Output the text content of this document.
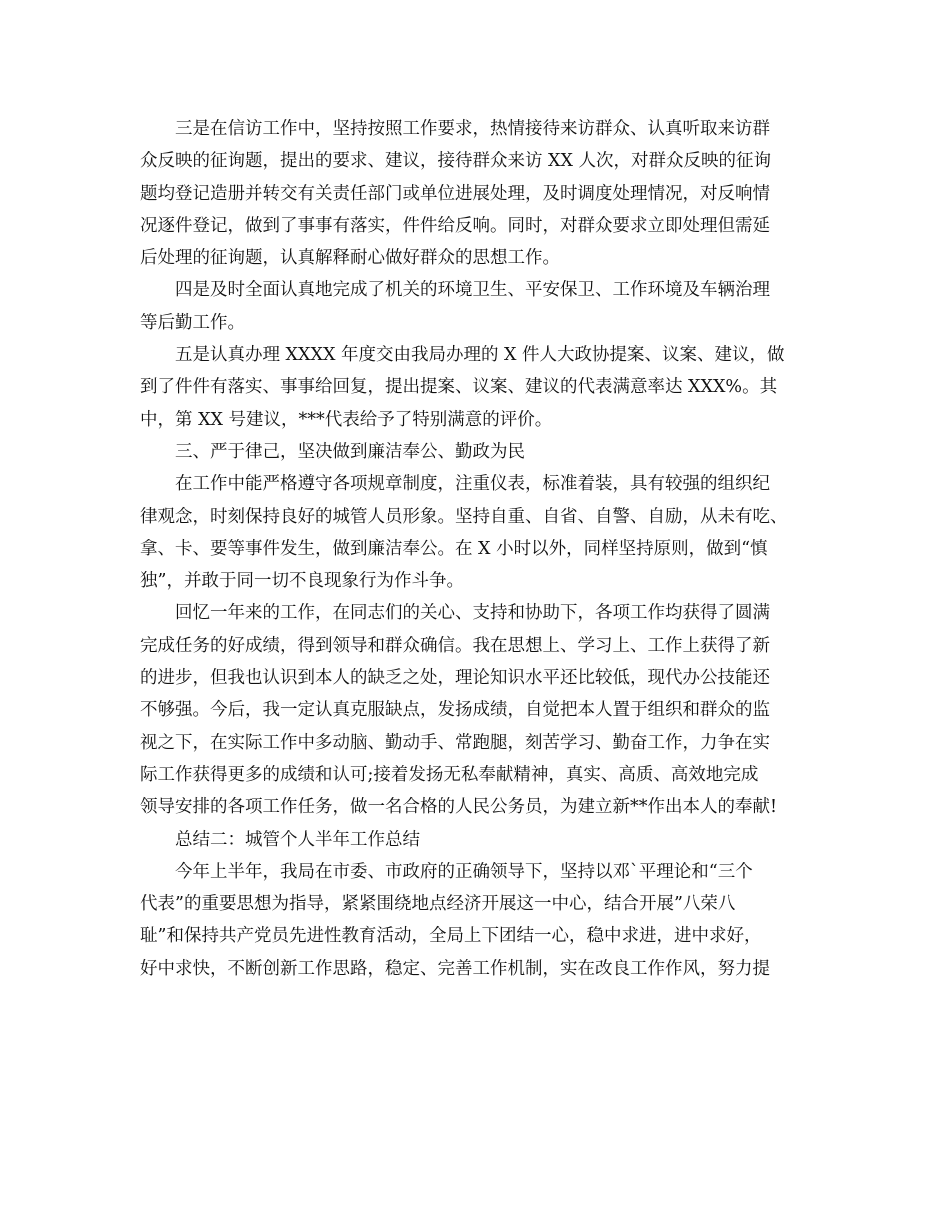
三是在信访工作中，坚持按照工作要求，热情接待来访群众、认真听取来访群
众反映的征询题，提出的要求、建议，接待群众来访 XX 人次，对群众反映的征询
题均登记造册并转交有关责任部门或单位进展处理，及时调度处理情况，对反响情
况逐件登记，做到了事事有落实，件件给反响。同时，对群众要求立即处理但需延
后处理的征询题，认真解释耐心做好群众的思想工作。
四是及时全面认真地完成了机关的环境卫生、平安保卫、工作环境及车辆治理
等后勤工作。
五是认真办理 XXXX 年度交由我局办理的 X 件人大政协提案、议案、建议，做
到了件件有落实、事事给回复，提出提案、议案、建议的代表满意率达 XXX%。其
中，第 XX 号建议，***代表给予了特别满意的评价。
三、严于律己，坚决做到廉洁奉公、勤政为民
在工作中能严格遵守各项规章制度，注重仪表，标准着装，具有较强的组织纪
律观念，时刻保持良好的城管人员形象。坚持自重、自省、自警、自励，从未有吃、
拿、卡、要等事件发生，做到廉洁奉公。在 X 小时以外，同样坚持原则，做到“慎
独”，并敢于同一切不良现象行为作斗争。
回忆一年来的工作，在同志们的关心、支持和协助下，各项工作均获得了圆满
完成任务的好成绩，得到领导和群众确信。我在思想上、学习上、工作上获得了新
的进步，但我也认识到本人的缺乏之处，理论知识水平还比较低，现代办公技能还
不够强。今后，我一定认真克服缺点，发扬成绩，自觉把本人置于组织和群众的监
视之下，在实际工作中多动脑、勤动手、常跑腿，刻苦学习、勤奋工作，力争在实
际工作获得更多的成绩和认可;接着发扬无私奉献精神，真实、高质、高效地完成
领导安排的各项工作任务，做一名合格的人民公务员，为建立新**作出本人的奉献!
总结二：城管个人半年工作总结
今年上半年，我局在市委、市政府的正确领导下，坚持以邓`平理论和“三个
代表”的重要思想为指导，紧紧围绕地点经济开展这一中心，结合开展”八荣八
耻”和保持共产党员先进性教育活动，全局上下团结一心，稳中求进，进中求好，
好中求快，不断创新工作思路，稳定、完善工作机制，实在改良工作作风，努力提
